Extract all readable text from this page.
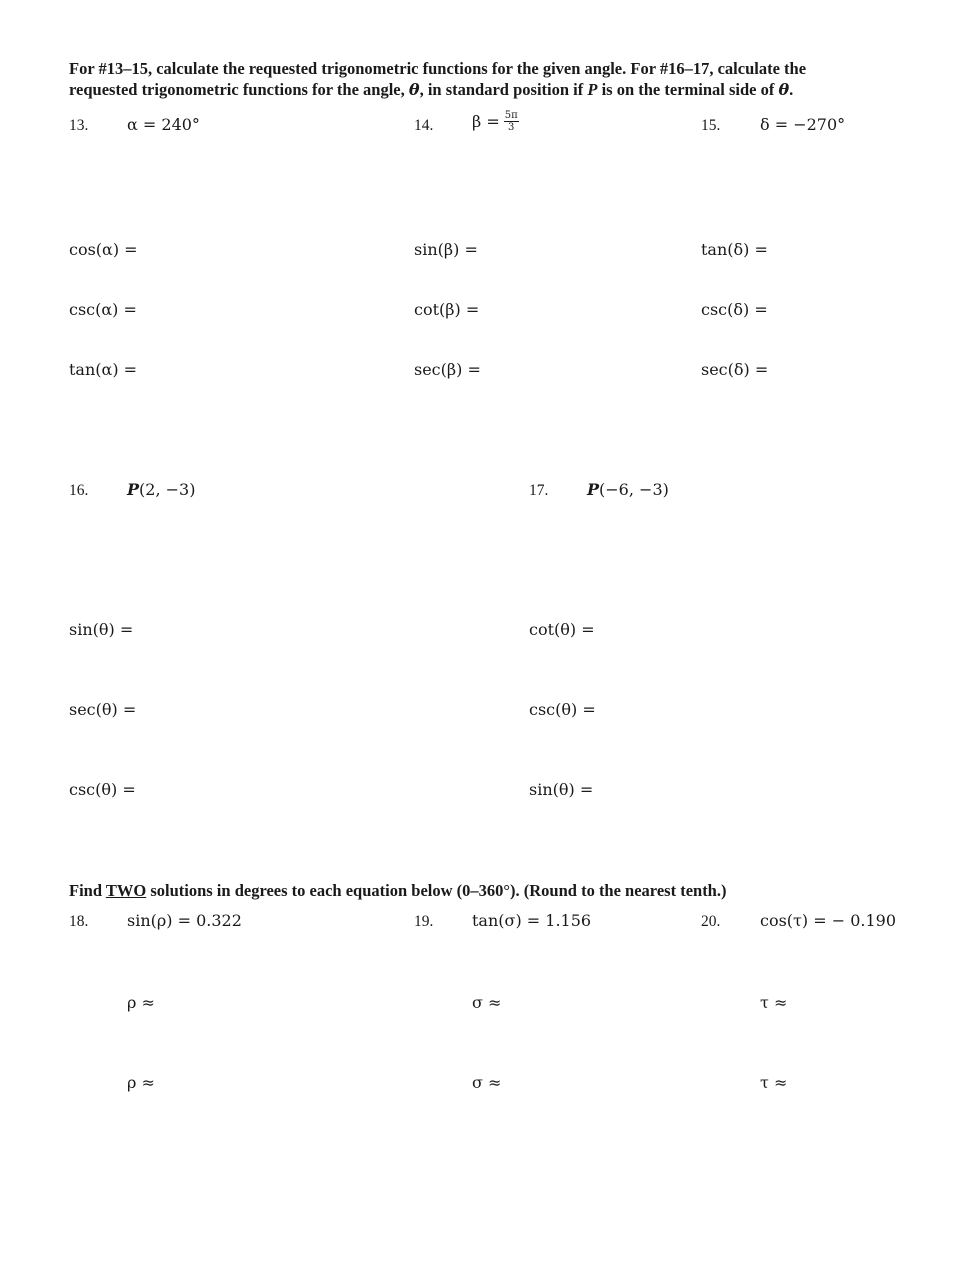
For #13–15, calculate the requested trigonometric functions for the given angle. For #16–17, calculate the
requested trigonometric functions for the angle, θ, in standard position if P is on the terminal side of θ.
13. α = 240°
cos(α) =
csc(α) =
tan(α) =
14. $\beta = \frac{5\pi}{3}$
sin(β) =
cot(β) =
sec(β) =
15. δ = −270°
tan(δ) =
csc(δ) =
sec(δ) =
16. P(2, −3)
sin(θ) =
sec(θ) =
csc(θ) =
17. P(−6, −3)
cot(θ) =
csc(θ) =
sin(θ) =
Find TWO solutions in degrees to each equation below (0–360°). (Round to the nearest tenth.)
18. sin(ρ) = 0.322
ρ ≈
ρ ≈
19. tan(σ) = 1.156
σ ≈
σ ≈
20. cos(τ) = − 0.190
τ ≈
τ ≈
